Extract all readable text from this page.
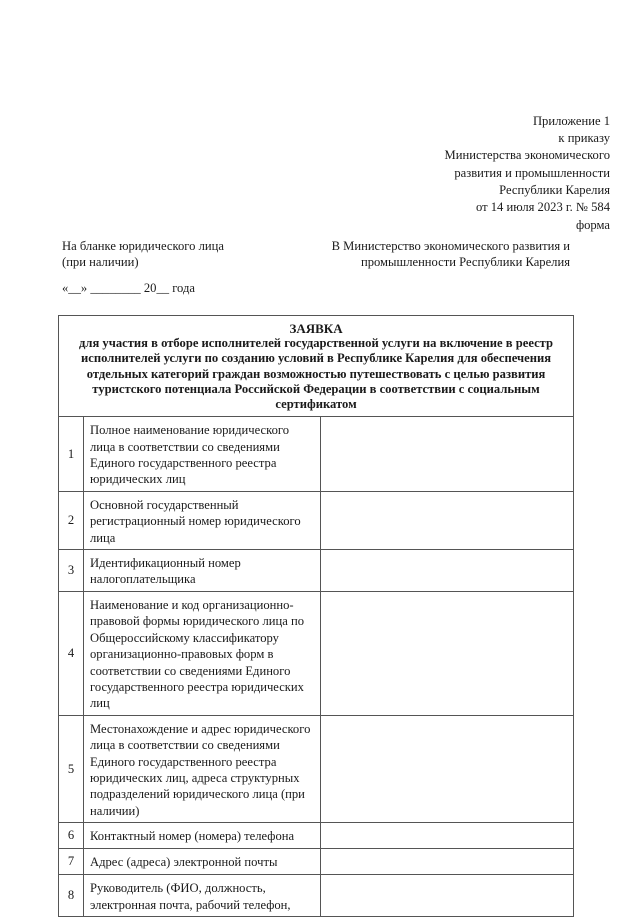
Приложение 1
к приказу
Министерства экономического
развития и промышленности
Республики Карелия
от 14 июля 2023 г. № 584
форма
На бланке юридического лица
(при наличии)
В Министерство экономического развития и
промышленности Республики Карелия
«__» ________ 20__ года
ЗАЯВКА
для участия в отборе исполнителей государственной услуги на включение в реестр исполнителей услуги по созданию условий в Республике Карелия для обеспечения отдельных категорий граждан возможностью путешествовать с целью развития туристского потенциала Российской Федерации в соответствии с социальным сертификатом		

1	Полное наименование юридического лица в соответствии со сведениями Единого государственного реестра юридических лиц	
2	Основной государственный регистрационный номер юридического лица	
3	Идентификационный номер налогоплательщика	
4	Наименование и код организационно-правовой формы юридического лица по Общероссийскому классификатору организационно-правовых форм в соответствии со сведениями Единого государственного реестра юридических лиц	
5	Местонахождение и адрес юридического лица в соответствии со сведениями Единого государственного реестра юридических лиц, адреса структурных подразделений юридического лица (при наличии)	
6	Контактный номер (номера) телефона	
7	Адрес (адреса) электронной почты	
8	Руководитель (ФИО, должность, электронная почта, рабочий телефон,	
